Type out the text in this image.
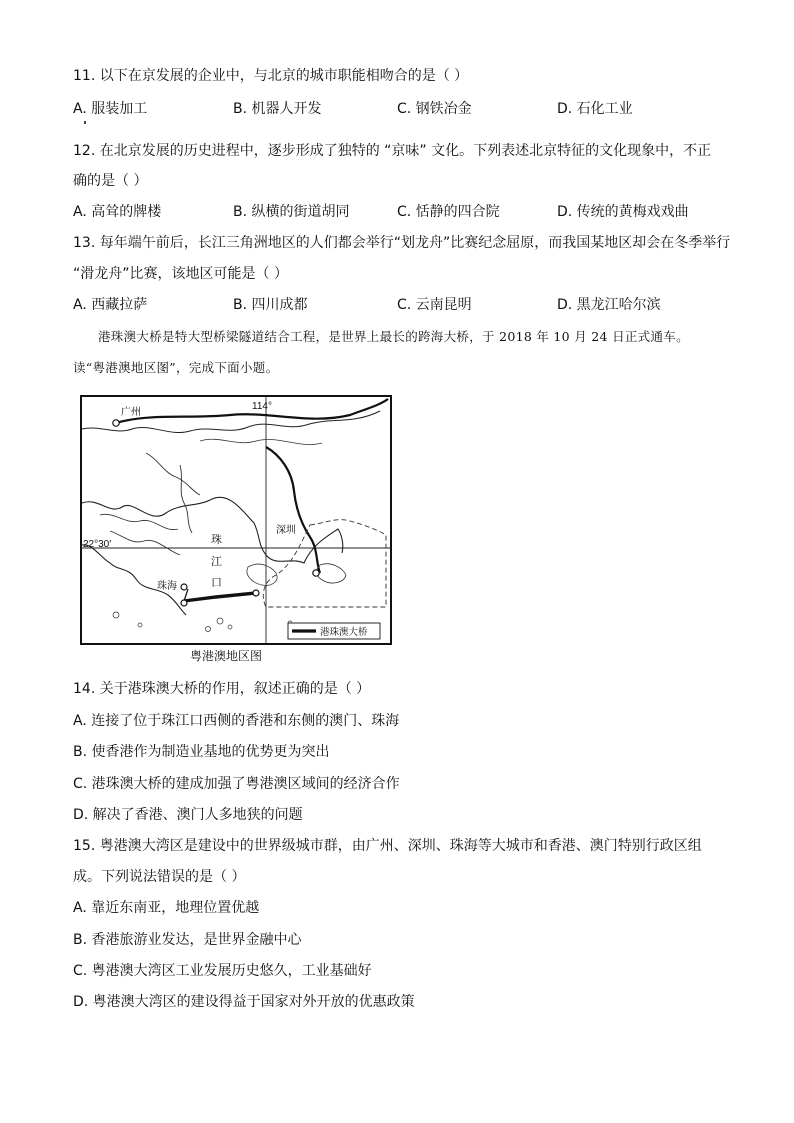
11. 以下在京发展的企业中，与北京的城市职能相吻合的是（ ）
A. 服装加工	B. 机器人开发	C. 钢铁冶金	D. 石化工业
12. 在北京发展的历史进程中，逐步形成了独特的 “京味” 文化。下列表述北京特征的文化现象中，不正
确的是（ ）
A. 高耸的牌楼	B. 纵横的街道胡同	C. 恬静的四合院	D. 传统的黄梅戏戏曲
13. 每年端午前后，长江三角洲地区的人们都会举行“划龙舟”比赛纪念屈原，而我国某地区却会在冬季举行
“滑龙舟”比赛，该地区可能是（ ）
A. 西藏拉萨	B. 四川成都	C. 云南昆明	D. 黑龙江哈尔滨
港珠澳大桥是特大型桥梁隧道结合工程，是世界上最长的跨海大桥，于 2018 年 10 月 24 日正式通车。
读“粤港澳地区图”，完成下面小题。
广州
114°
深圳
22°30′	珠
江
口
珠海
港珠澳大桥
粤港澳地区图
14. 关于港珠澳大桥的作用，叙述正确的是（ ）
A. 连接了位于珠江口西侧的香港和东侧的澳门、珠海
B. 使香港作为制造业基地的优势更为突出
C. 港珠澳大桥的建成加强了粤港澳区域间的经济合作
D. 解决了香港、澳门人多地狭的问题
15. 粤港澳大湾区是建设中的世界级城市群，由广州、深圳、珠海等大城市和香港、澳门特别行政区组
成。下列说法错误的是（ ）
A. 靠近东南亚，地理位置优越
B. 香港旅游业发达，是世界金融中心
C. 粤港澳大湾区工业发展历史悠久，工业基础好
D. 粤港澳大湾区的建设得益于国家对外开放的优惠政策
